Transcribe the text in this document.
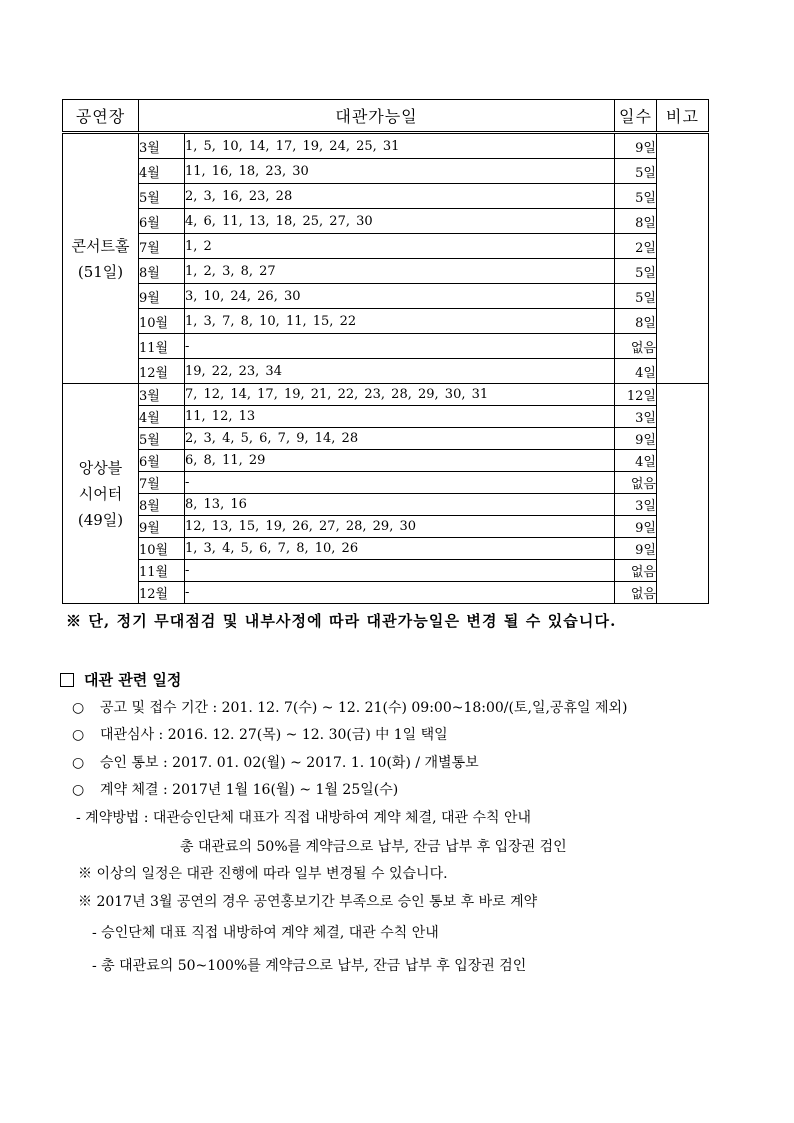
공연장	대관가능일		일수	비고

콘서트홀
(51일)	3월	1, 5, 10, 14, 17, 19, 24, 25, 31	9일	
	4월	11, 16, 18, 23, 30	5일	
	5월	2, 3, 16, 23, 28	5일	
	6월	4, 6, 11, 13, 18, 25, 27, 30	8일	
	7월	1, 2	2일	
	8월	1, 2, 3, 8, 27	5일	
	9월	3, 10, 24, 26, 30	5일	
	10월	1, 3, 7, 8, 10, 11, 15, 22	8일	
	11월	-	없음	
	12월	19, 22, 23, 34	4일	

앙상블
시어터
(49일)	3월	7, 12, 14, 17, 19, 21, 22, 23, 28, 29, 30, 31	12일	
	4월	11, 12, 13	3일	
	5월	2, 3, 4, 5, 6, 7, 9, 14, 28	9일	
	6월	6, 8, 11, 29	4일	
	7월	-	없음	
	8월	8, 13, 16	3일	
	9월	12, 13, 15, 19, 26, 27, 28, 29, 30	9일	
	10월	1, 3, 4, 5, 6, 7, 8, 10, 26	9일	
	11월	-	없음	
	12월	-	없음	
※ 단, 정기 무대점검 및 내부사정에 따라 대관가능일은 변경 될 수 있습니다.
대관 관련 일정
○ 공고 및 접수 기간 : 201. 12. 7(수) ~ 12. 21(수) 09:00~18:00/(토,일,공휴일 제외)
○ 대관심사 : 2016. 12. 27(목) ~ 12. 30(금) 中 1일 택일
○ 승인 통보 : 2017. 01. 02(월) ~ 2017. 1. 10(화) / 개별통보
○ 계약 체결 : 2017년 1월 16(월) ~ 1월 25일(수)
- 계약방법 : 대관승인단체 대표가 직접 내방하여 계약 체결, 대관 수칙 안내
총 대관료의 50%를 계약금으로 납부, 잔금 납부 후 입장권 검인
※ 이상의 일정은 대관 진행에 따라 일부 변경될 수 있습니다.
※ 2017년 3월 공연의 경우 공연홍보기간 부족으로 승인 통보 후 바로 계약
- 승인단체 대표 직접 내방하여 계약 체결, 대관 수칙 안내
- 총 대관료의 50~100%를 계약금으로 납부, 잔금 납부 후 입장권 검인
